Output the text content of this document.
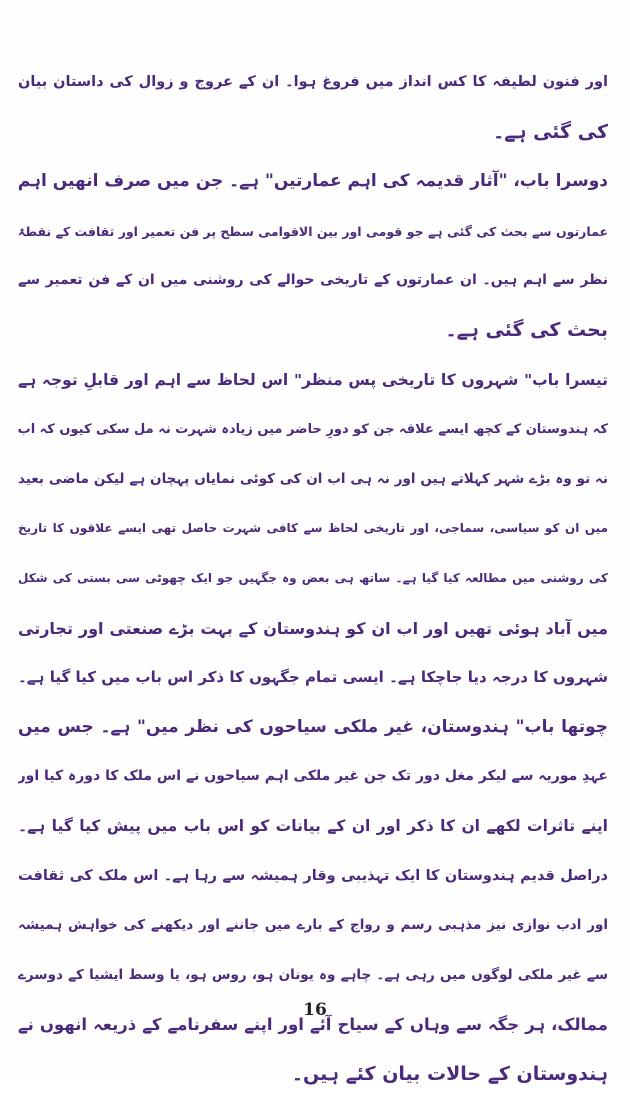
اور فنون لطیفہ کا کس انداز میں فروغ ہوا۔ ان کے عروج و زوال کی داستان بیان
کی گئی ہے۔
دوسرا باب، "آثار قدیمہ کی اہم عمارتیں" ہے۔ جن میں صرف انھیں اہم
عمارتوں سے بحث کی گئی ہے جو قومی اور بین الاقوامی سطح پر فن تعمیر اور ثقافت کے نقطۂ
نظر سے اہم ہیں۔ ان عمارتوں کے تاریخی حوالے کی روشنی میں ان کے فن تعمیر سے
بحث کی گئی ہے۔
تیسرا باب" شہروں کا تاریخی پس منظر" اس لحاظ سے اہم اور قابلِ توجہ ہے
کہ ہندوستان کے کچھ ایسے علاقہ جن کو دورِ حاضر میں زیادہ شہرت نہ مل سکی کیوں کہ اب
نہ تو وہ بڑے شہر کہلاتے ہیں اور نہ ہی اب ان کی کوئی نمایاں پہچان ہے لیکن ماضی بعید
میں ان کو سیاسی، سماجی، اور تاریخی لحاظ سے کافی شہرت حاصل تھی ایسے علاقوں کا تاریخ
کی روشنی میں مطالعہ کیا گیا ہے۔ ساتھ ہی بعض وہ جگہیں جو ایک چھوٹی سی بستی کی شکل
میں آباد ہوئی تھیں اور اب ان کو ہندوستان کے بہت بڑے صنعتی اور تجارتی
شہروں کا درجہ دیا جاچکا ہے۔ ایسی تمام جگہوں کا ذکر اس باب میں کیا گیا ہے۔
چوتھا باب" ہندوستان، غیر ملکی سیاحوں کی نظر میں" ہے۔ جس میں
عہدِ موریہ سے لیکر مغل دور تک جن غیر ملکی اہم سیاحوں نے اس ملک کا دورہ کیا اور
اپنے تاثرات لکھے ان کا ذکر اور ان کے بیانات کو اس باب میں پیش کیا گیا ہے۔
دراصل قدیم ہندوستان کا ایک تہذیبی وقار ہمیشہ سے رہا ہے۔ اس ملک کی ثقافت
اور ادب نوازی نیز مذہبی رسم و رواج کے بارے میں جاننے اور دیکھنے کی خواہش ہمیشہ
سے غیر ملکی لوگوں میں رہی ہے۔ چاہے وہ یونان ہو، روس ہو، یا وسط ایشیا کے دوسرے
ممالک، ہر جگہ سے وہاں کے سیاح آئے اور اپنے سفرنامے کے ذریعہ انھوں نے
ہندوستان کے حالات بیان کئے ہیں۔
16
